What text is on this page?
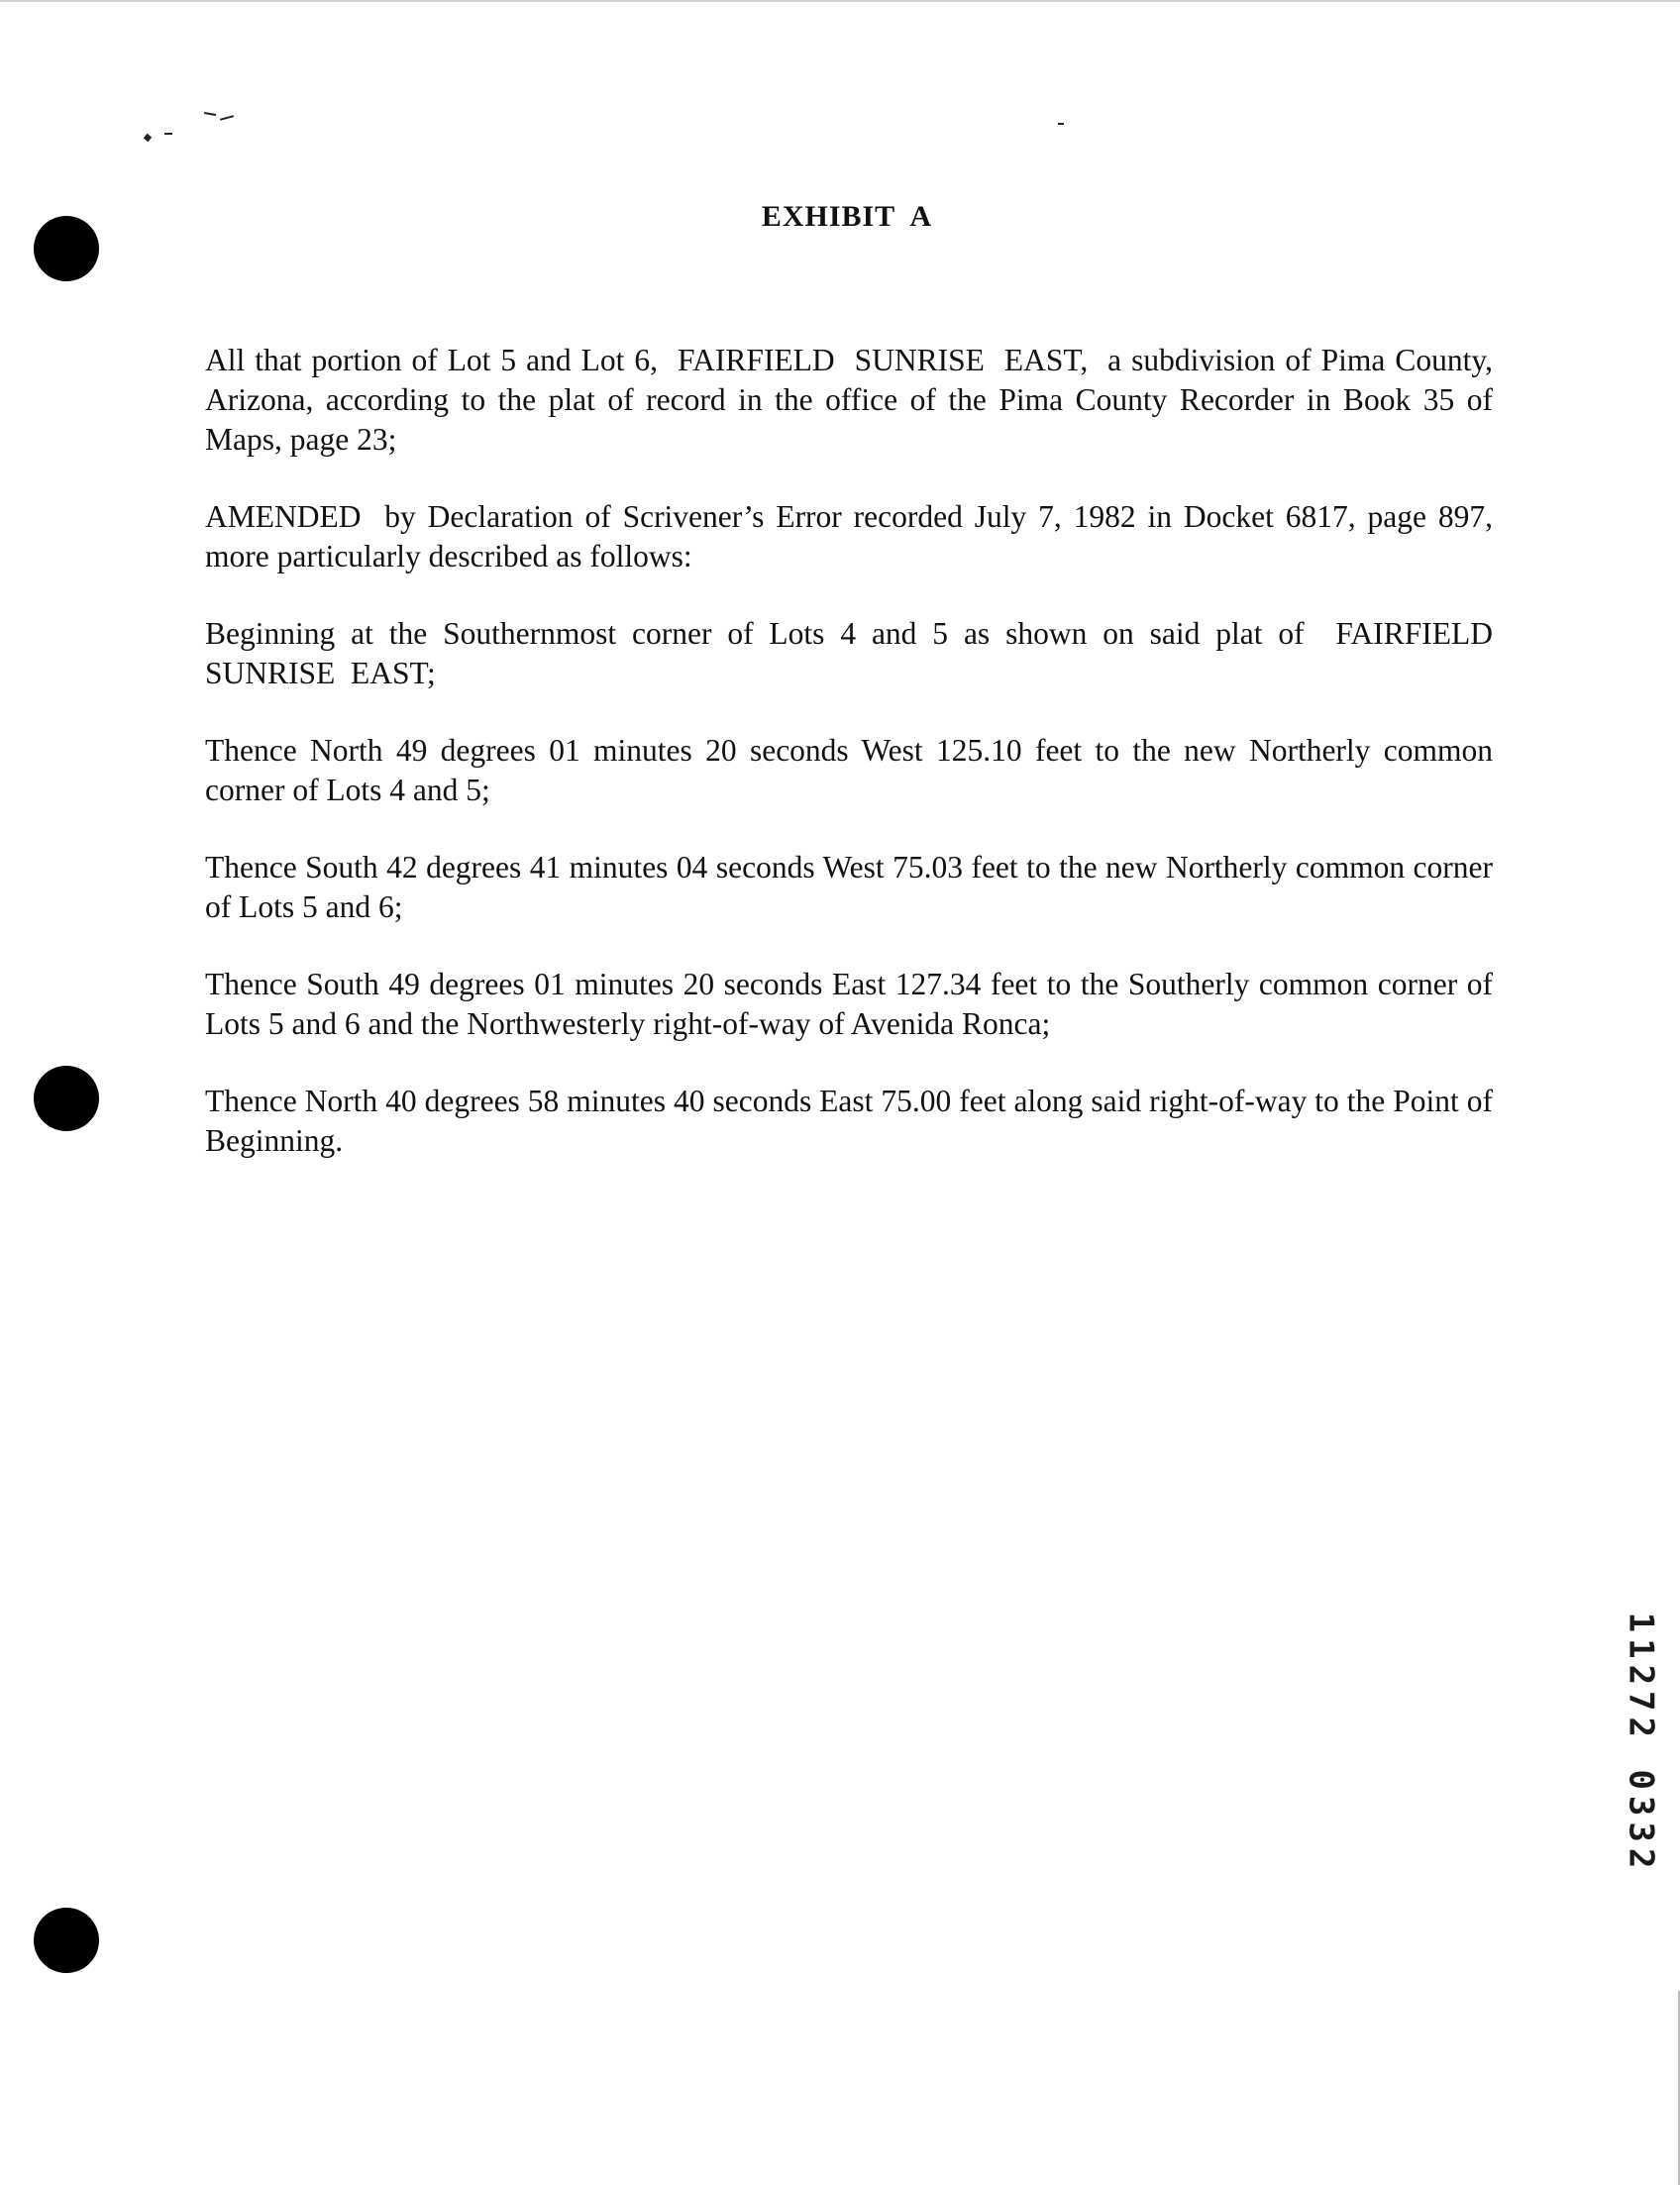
EXHIBIT A

All that portion of Lot 5 and Lot 6,  FAIRFIELD  SUNRISE  EAST,  a subdivision of Pima County, Arizona, according to the plat of record in the office of the Pima County Recorder in Book 35 of Maps, page 23;

AMENDED  by Declaration of Scrivener’s Error recorded July 7, 1982 in Docket 6817, page 897, more particularly described as follows:

Beginning at the Southernmost corner of Lots 4 and 5 as shown on said plat of  FAIRFIELD SUNRISE  EAST;

Thence North 49 degrees 01 minutes 20 seconds West 125.10 feet to the new Northerly common corner of Lots 4 and 5;

Thence South 42 degrees 41 minutes 04 seconds West 75.03 feet to the new Northerly common corner of Lots 5 and 6;

Thence South 49 degrees 01 minutes 20 seconds East 127.34 feet to the Southerly common corner of Lots 5 and 6 and the Northwesterly right-of-way of Avenida Ronca;

Thence North 40 degrees 58 minutes 40 seconds East 75.00 feet along said right-of-way to the Point of Beginning.

11272 0332
